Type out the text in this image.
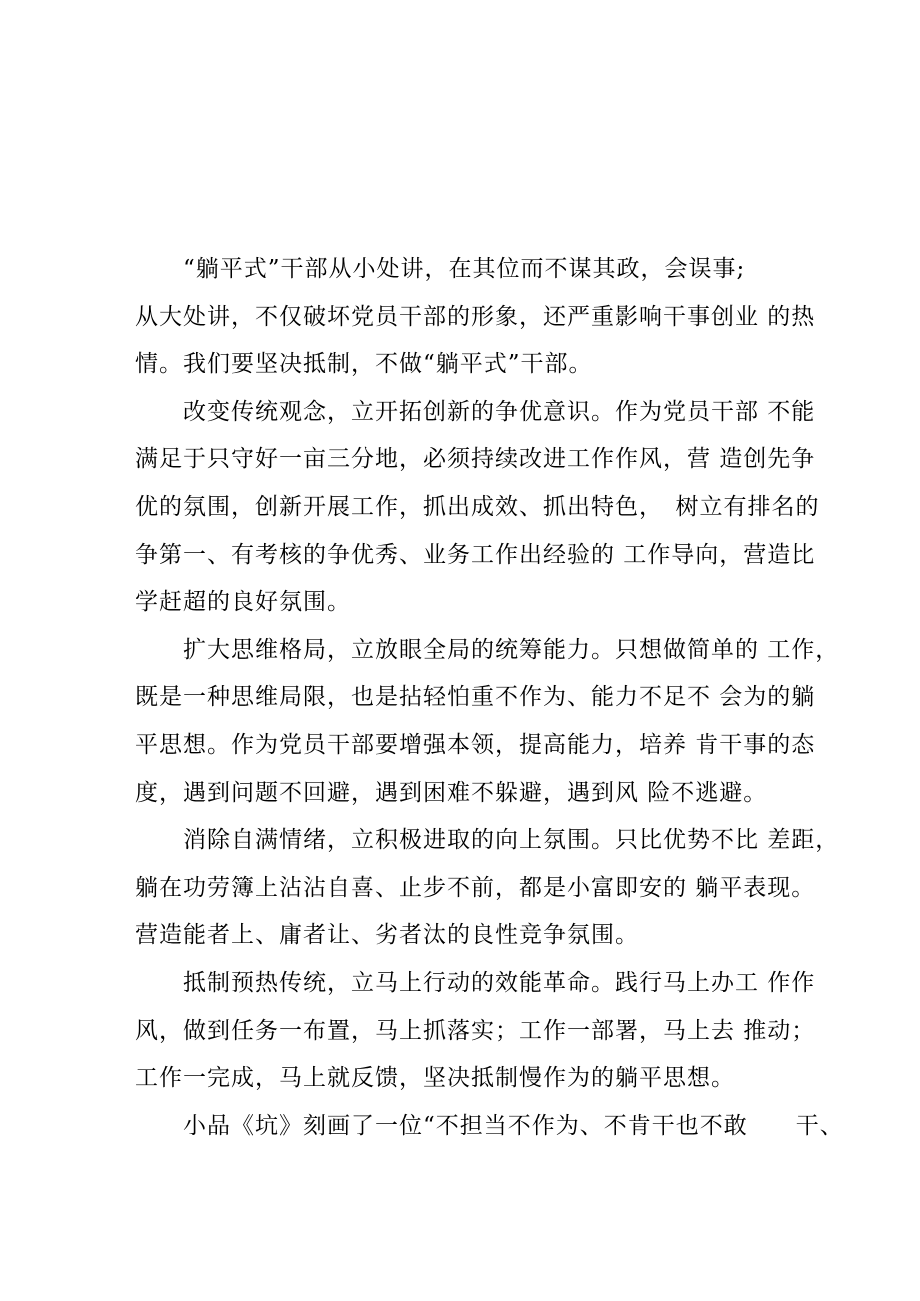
“躺平式”干部从小处讲，在其位而不谋其政，会误事;
从大处讲，不仅破坏党员干部的形象，还严重影响干事创业 的热
情。我们要坚决抵制，不做“躺平式”干部。
改变传统观念，立开拓创新的争优意识。作为党员干部 不能
满足于只守好一亩三分地，必须持续改进工作作风，营 造创先争
优的氛围，创新开展工作，抓出成效、抓出特色，　树立有排名的
争第一、有考核的争优秀、业务工作出经验的 工作导向，营造比
学赶超的良好氛围。
扩大思维格局，立放眼全局的统筹能力。只想做简单的 工作，
既是一种思维局限，也是拈轻怕重不作为、能力不足不 会为的躺
平思想。作为党员干部要增强本领，提高能力，培养 肯干事的态
度，遇到问题不回避，遇到困难不躲避，遇到风 险不逃避。
消除自满情绪，立积极进取的向上氛围。只比优势不比 差距，
躺在功劳簿上沾沾自喜、止步不前，都是小富即安的 躺平表现。
营造能者上、庸者让、劣者汰的良性竞争氛围。
抵制预热传统，立马上行动的效能革命。践行马上办工 作作
风，做到任务一布置，马上抓落实；工作一部署，马上去 推动；
工作一完成，马上就反馈，坚决抵制慢作为的躺平思想。
小品《坑》刻画了一位“不担当不作为、不肯干也不敢　　干、
